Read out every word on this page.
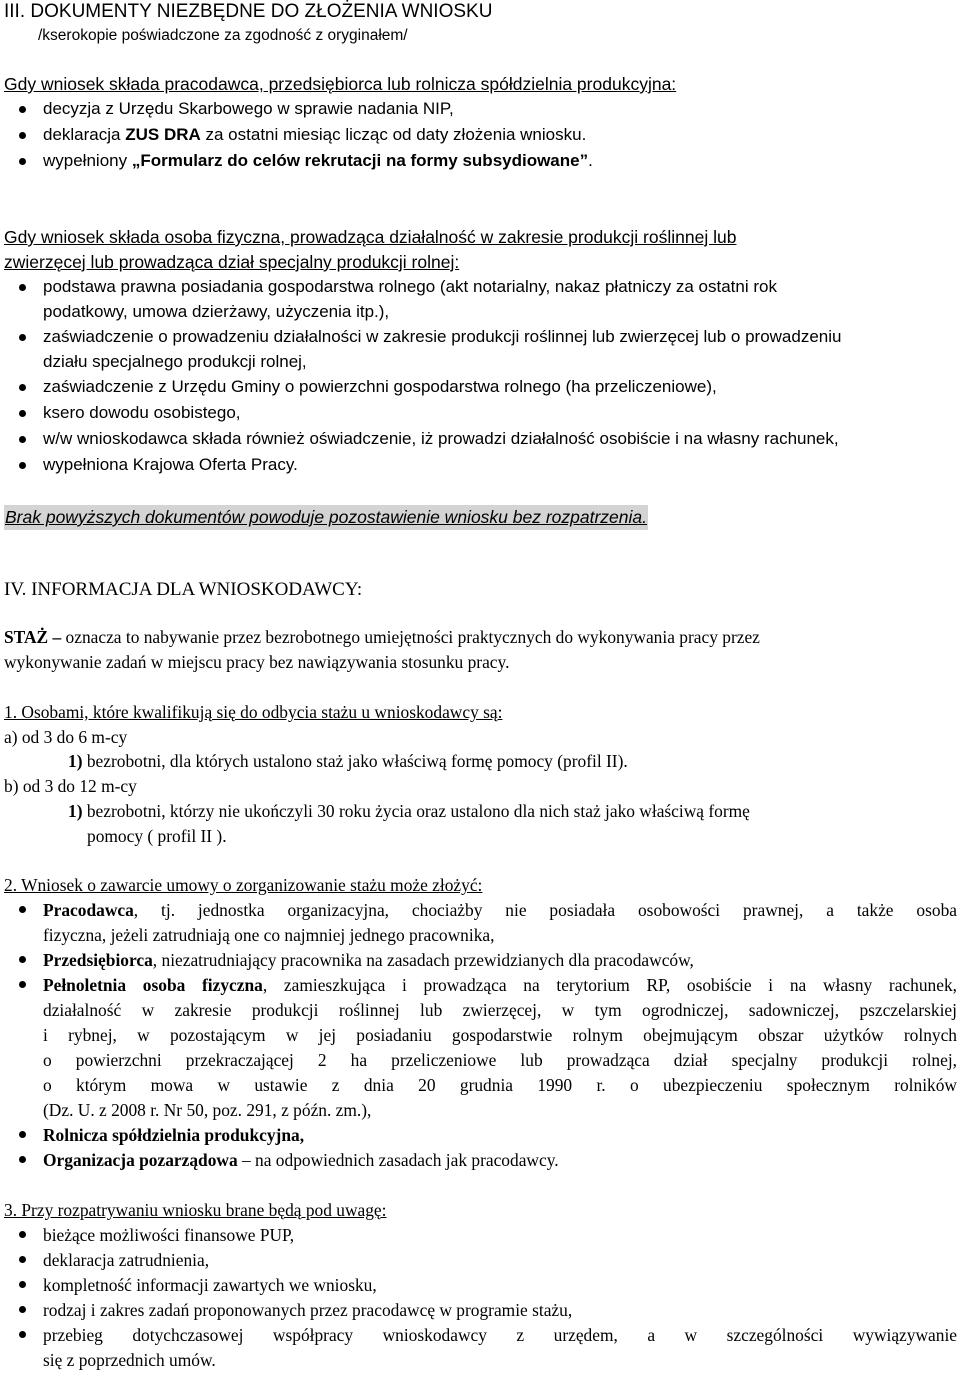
III. DOKUMENTY NIEZBĘDNE DO ZŁOŻENIA WNIOSKU
/kserokopie poświadczone za zgodność z oryginałem/
Gdy wniosek składa pracodawca, przedsiębiorca lub rolnicza spółdzielnia produkcyjna:
decyzja z Urzędu Skarbowego w sprawie nadania NIP,
deklaracja ZUS DRA za ostatni miesiąc licząc od daty złożenia wniosku.
wypełniony „Formularz do celów rekrutacji na formy subsydiowane”.
Gdy wniosek składa osoba fizyczna, prowadząca działalność w zakresie produkcji roślinnej lub
zwierzęcej lub prowadząca dział specjalny produkcji rolnej:
podstawa prawna posiadania gospodarstwa rolnego (akt notarialny, nakaz płatniczy za ostatni rok
podatkowy, umowa dzierżawy, użyczenia itp.),
zaświadczenie o prowadzeniu działalności w zakresie produkcji roślinnej lub zwierzęcej lub o prowadzeniu
działu specjalnego produkcji rolnej,
zaświadczenie z Urzędu Gminy o powierzchni gospodarstwa rolnego (ha przeliczeniowe),
ksero dowodu osobistego,
w/w wnioskodawca składa również oświadczenie, iż prowadzi działalność osobiście i na własny rachunek,
wypełniona Krajowa Oferta Pracy.
Brak powyższych dokumentów powoduje pozostawienie wniosku bez rozpatrzenia.
IV. INFORMACJA DLA WNIOSKODAWCY:
STAŻ – oznacza to nabywanie przez bezrobotnego umiejętności praktycznych do wykonywania pracy przez
wykonywanie zadań w miejscu pracy bez nawiązywania stosunku pracy.
1. Osobami, które kwalifikują się do odbycia stażu u wnioskodawcy są:
a) od 3 do 6 m-cy
1) bezrobotni, dla których ustalono staż jako właściwą formę pomocy (profil II).
b) od 3 do 12 m-cy
1) bezrobotni, którzy nie ukończyli 30 roku życia oraz ustalono dla nich staż jako właściwą formę
pomocy ( profil II ).
2. Wniosek o zawarcie umowy o zorganizowanie stażu może złożyć:
Pracodawca, tj. jednostka organizacyjna, chociażby nie posiadała osobowości prawnej, a także osoba
fizyczna, jeżeli zatrudniają one co najmniej jednego pracownika,
Przedsiębiorca, niezatrudniający pracownika na zasadach przewidzianych dla pracodawców,
Pełnoletnia osoba fizyczna, zamieszkująca i prowadząca na terytorium RP, osobiście i na własny rachunek,
działalność w zakresie produkcji roślinnej lub zwierzęcej, w tym ogrodniczej, sadowniczej, pszczelarskiej
i rybnej, w pozostającym w jej posiadaniu gospodarstwie rolnym obejmującym obszar użytków rolnych
o powierzchni przekraczającej 2 ha przeliczeniowe lub prowadząca dział specjalny produkcji rolnej,
o którym mowa w ustawie z dnia 20 grudnia 1990 r. o ubezpieczeniu społecznym rolników
(Dz. U. z 2008 r. Nr 50, poz. 291, z późn. zm.),
Rolnicza spółdzielnia produkcyjna,
Organizacja pozarządowa – na odpowiednich zasadach jak pracodawcy.
3. Przy rozpatrywaniu wniosku brane będą pod uwagę:
bieżące możliwości finansowe PUP,
deklaracja zatrudnienia,
kompletność informacji zawartych we wniosku,
rodzaj i zakres zadań proponowanych przez pracodawcę w programie stażu,
przebieg dotychczasowej współpracy wnioskodawcy z urzędem, a w szczególności wywiązywanie
się z poprzednich umów.
